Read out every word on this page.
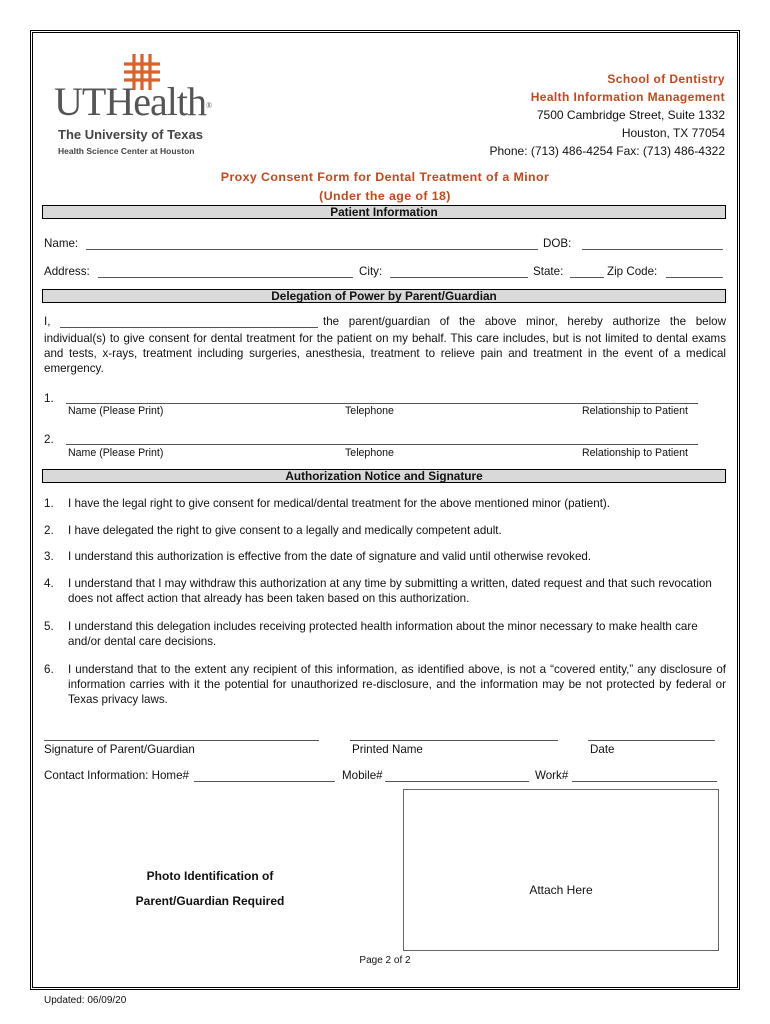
UTHealth®
The University of Texas
Health Science Center at Houston
School of Dentistry
Health Information Management
7500 Cambridge Street, Suite 1332
Houston, TX 77054
Phone: (713) 486-4254 Fax: (713) 486-4322
Proxy Consent Form for Dental Treatment of a Minor
(Under the age of 18)
Patient Information
Name:	DOB:
Address:	City:	State:	Zip Code:
Delegation of Power by Parent/Guardian
I,	the parent/guardian of the above minor, hereby authorize the below
individual(s) to give consent for dental treatment for the patient on my behalf. This care includes, but is not limited to dental exams and tests, x-rays, treatment including surgeries, anesthesia, treatment to relieve pain and treatment in the event of a medical emergency.
1.
Name (Please Print)	Telephone	Relationship to Patient
2.
Name (Please Print)	Telephone	Relationship to Patient
Authorization Notice and Signature
1. I have the legal right to give consent for medical/dental treatment for the above mentioned minor (patient).
2. I have delegated the right to give consent to a legally and medically competent adult.
3. I understand this authorization is effective from the date of signature and valid until otherwise revoked.
4. I understand that I may withdraw this authorization at any time by submitting a written, dated request and that such revocation does not affect action that already has been taken based on this authorization.
5. I understand this delegation includes receiving protected health information about the minor necessary to make health care and/or dental care decisions.
6. I understand that to the extent any recipient of this information, as identified above, is not a “covered entity,” any disclosure of information carries with it the potential for unauthorized re-disclosure, and the information may be not protected by federal or Texas privacy laws.
Signature of Parent/Guardian	Printed Name	Date
Contact Information: Home#	Mobile#	Work#
Photo Identification of
Parent/Guardian Required
Attach Here
Page 2 of 2
Updated: 06/09/20
